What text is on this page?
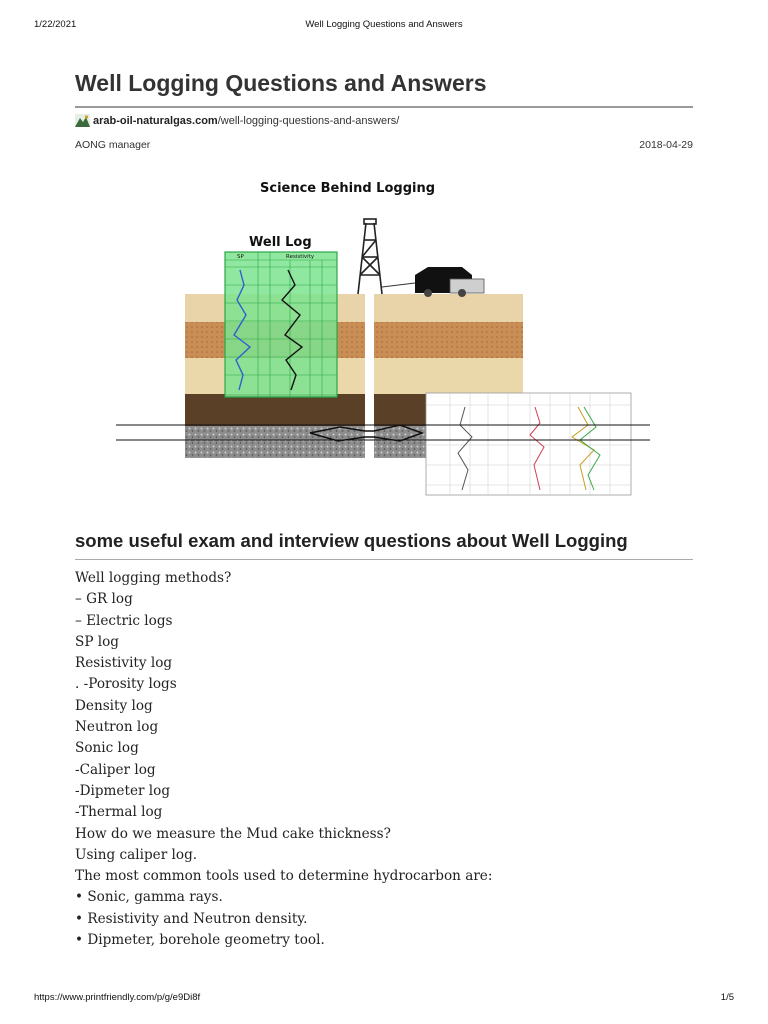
1/22/2021	Well Logging Questions and Answers
Well Logging Questions and Answers
arab-oil-naturalgas.com/well-logging-questions-and-answers/
AONG manager	2018-04-29
Science Behind Logging
Well Log
SP	Resistivity
some useful exam and interview questions about Well Logging
Well logging methods?
– GR log
– Electric logs
SP log
Resistivity log
. -Porosity logs
Density log
Neutron log
Sonic log
-Caliper log
-Dipmeter log
-Thermal log
How do we measure the Mud cake thickness?
Using caliper log.
The most common tools used to determine hydrocarbon are:
• Sonic, gamma rays.
• Resistivity and Neutron density.
• Dipmeter, borehole geometry tool.
https://www.printfriendly.com/p/g/e9Di8f	1/5
